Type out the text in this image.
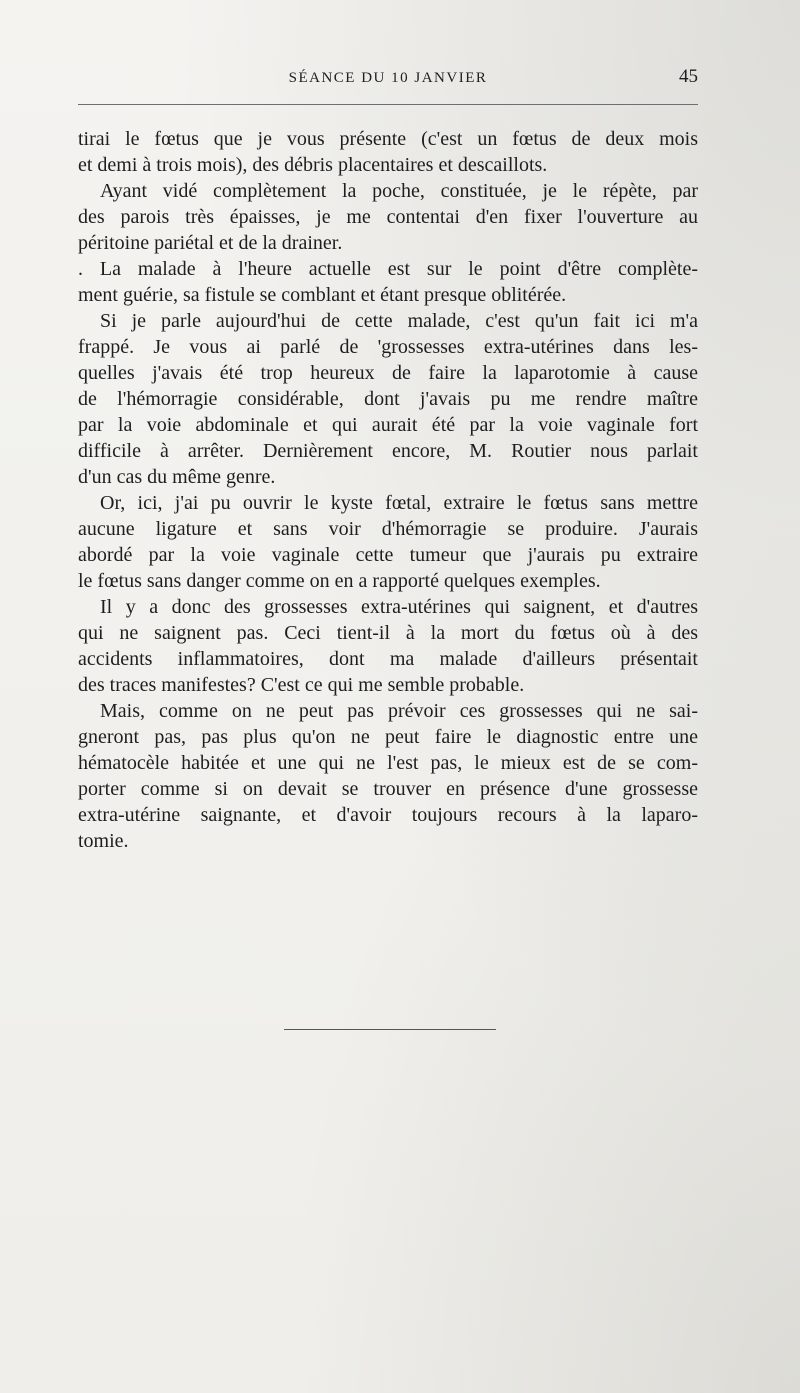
SÉANCE DU 10 JANVIER	45
tirai le fœtus que je vous présente (c'est un fœtus de deux mois
et demi à trois mois), des débris placentaires et descaillots.
Ayant vidé complètement la poche, constituée, je le répète, par
des parois très épaisses, je me contentai d'en fixer l'ouverture au
péritoine pariétal et de la drainer.
. La malade à l'heure actuelle est sur le point d'être complète-
ment guérie, sa fistule se comblant et étant presque oblitérée.
Si je parle aujourd'hui de cette malade, c'est qu'un fait ici m'a
frappé. Je vous ai parlé de 'grossesses extra-utérines dans les-
quelles j'avais été trop heureux de faire la laparotomie à cause
de l'hémorragie considérable, dont j'avais pu me rendre maître
par la voie abdominale et qui aurait été par la voie vaginale fort
difficile à arrêter. Dernièrement encore, M. Routier nous parlait
d'un cas du même genre.
Or, ici, j'ai pu ouvrir le kyste fœtal, extraire le fœtus sans mettre
aucune ligature et sans voir d'hémorragie se produire. J'aurais
abordé par la voie vaginale cette tumeur que j'aurais pu extraire
le fœtus sans danger comme on en a rapporté quelques exemples.
Il y a donc des grossesses extra-utérines qui saignent, et d'autres
qui ne saignent pas. Ceci tient-il à la mort du fœtus où à des
accidents inflammatoires, dont ma malade d'ailleurs présentait
des traces manifestes? C'est ce qui me semble probable.
Mais, comme on ne peut pas prévoir ces grossesses qui ne sai-
gneront pas, pas plus qu'on ne peut faire le diagnostic entre une
hématocèle habitée et une qui ne l'est pas, le mieux est de se com-
porter comme si on devait se trouver en présence d'une grossesse
extra-utérine saignante, et d'avoir toujours recours à la laparo-
tomie.
